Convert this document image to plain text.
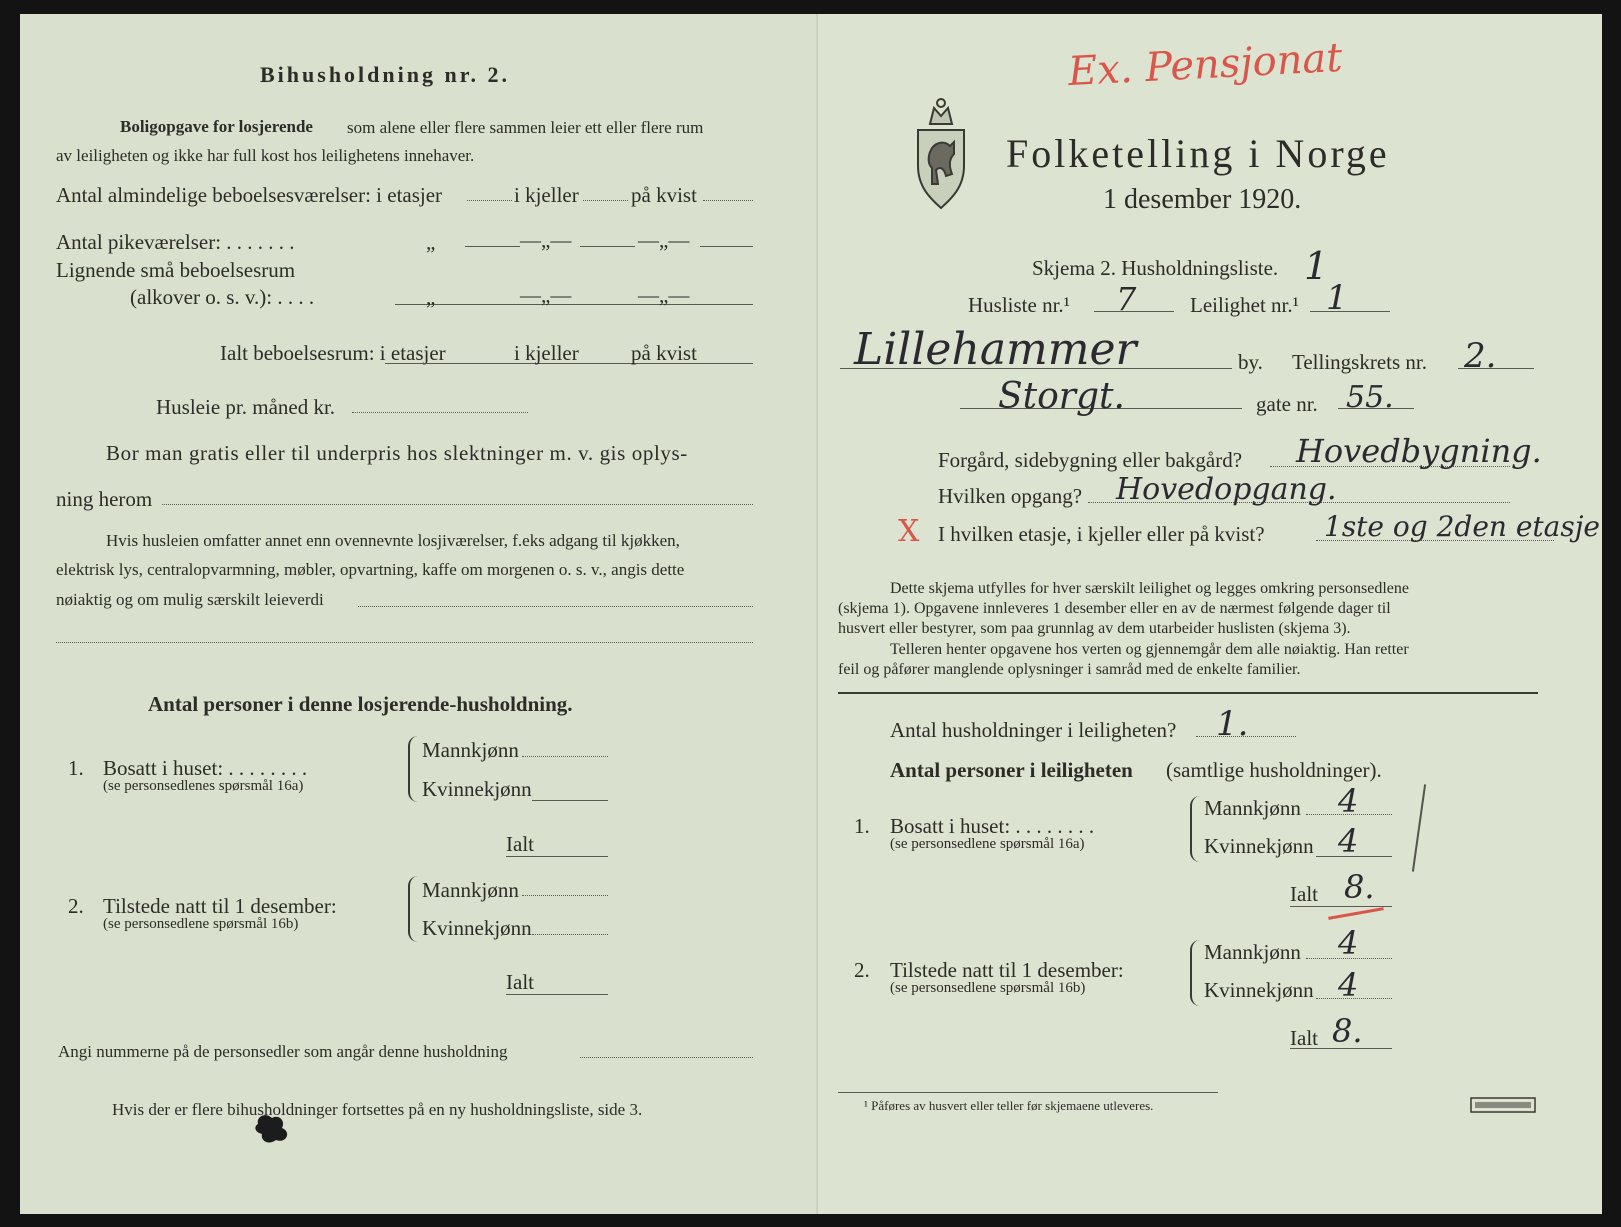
Bihusholdning nr. 2.
Boligopgave for losjerende som alene eller flere sammen leier ett eller flere rum
av leiligheten og ikke har full kost hos leilighetens innehaver.
Antal almindelige beboelsesværelser: i etasjer	i kjeller på kvist
Antal pikeværelser: . . . . . . .	„	—„—	—„—
Lignende små beboelsesrum
(alkover o. s. v.): . . . .	„	—„—	—„—
Ialt beboelsesrum: i etasjer	i kjeller på kvist
Husleie pr. måned kr.
Bor man gratis eller til underpris hos slektninger m. v. gis oplys-
ning herom
Hvis husleien omfatter annet enn ovennevnte losjiværelser, f.eks adgang til kjøkken,
elektrisk lys, centralopvarmning, møbler, opvartning, kaffe om morgenen o. s. v., angis dette
nøiaktig og om mulig særskilt leieverdi
Antal personer i denne losjerende-husholdning.
1. Bosatt i huset: . . . . . . . .
(se personsedlenes spørsmål 16a)
Mannkjønn
Kvinnekjønn
Ialt
2. Tilstede natt til 1 desember:
(se personsedlene spørsmål 16b)
Mannkjønn
Kvinnekjønn
Ialt
Angi nummerne på de personsedler som angår denne husholdning
Hvis der er flere bihusholdninger fortsettes på en ny husholdningsliste, side 3.
Ex. Pensjonat
Folketelling i Norge
1 desember 1920.
Skjema 2. Husholdningsliste. 1
Husliste nr.¹ 7	Leilighet nr.¹ 1
Lillehammer	by. Tellingskrets nr. 2.
Storgt.	gate nr. 55.
Forgård, sidebygning eller bakgård? Hovedbygning.
Hvilken opgang? Hovedopgang.
X I hvilken etasje, i kjeller eller på kvist? 1ste og 2den etasje
Dette skjema utfylles for hver særskilt leilighet og legges omkring personsedlene
(skjema 1). Opgavene innleveres 1 desember eller en av de nærmest følgende dager til
husvert eller bestyrer, som paa grunnlag av dem utarbeider huslisten (skjema 3).
Telleren henter opgavene hos verten og gjennemgår dem alle nøiaktig. Han retter
feil og påfører manglende oplysninger i samråd med de enkelte familier.
Antal husholdninger i leiligheten? 1.
Antal personer i leiligheten (samtlige husholdninger).
1. Bosatt i huset: . . . . . . . .
(se personsedlene spørsmål 16a)
Mannkjønn 4
Kvinnekjønn 4
Ialt 8.
2. Tilstede natt til 1 desember:
(se personsedlene spørsmål 16b)
Mannkjønn 4
Kvinnekjønn 4
Ialt 8.
¹ Påføres av husvert eller teller før skjemaene utleveres.
